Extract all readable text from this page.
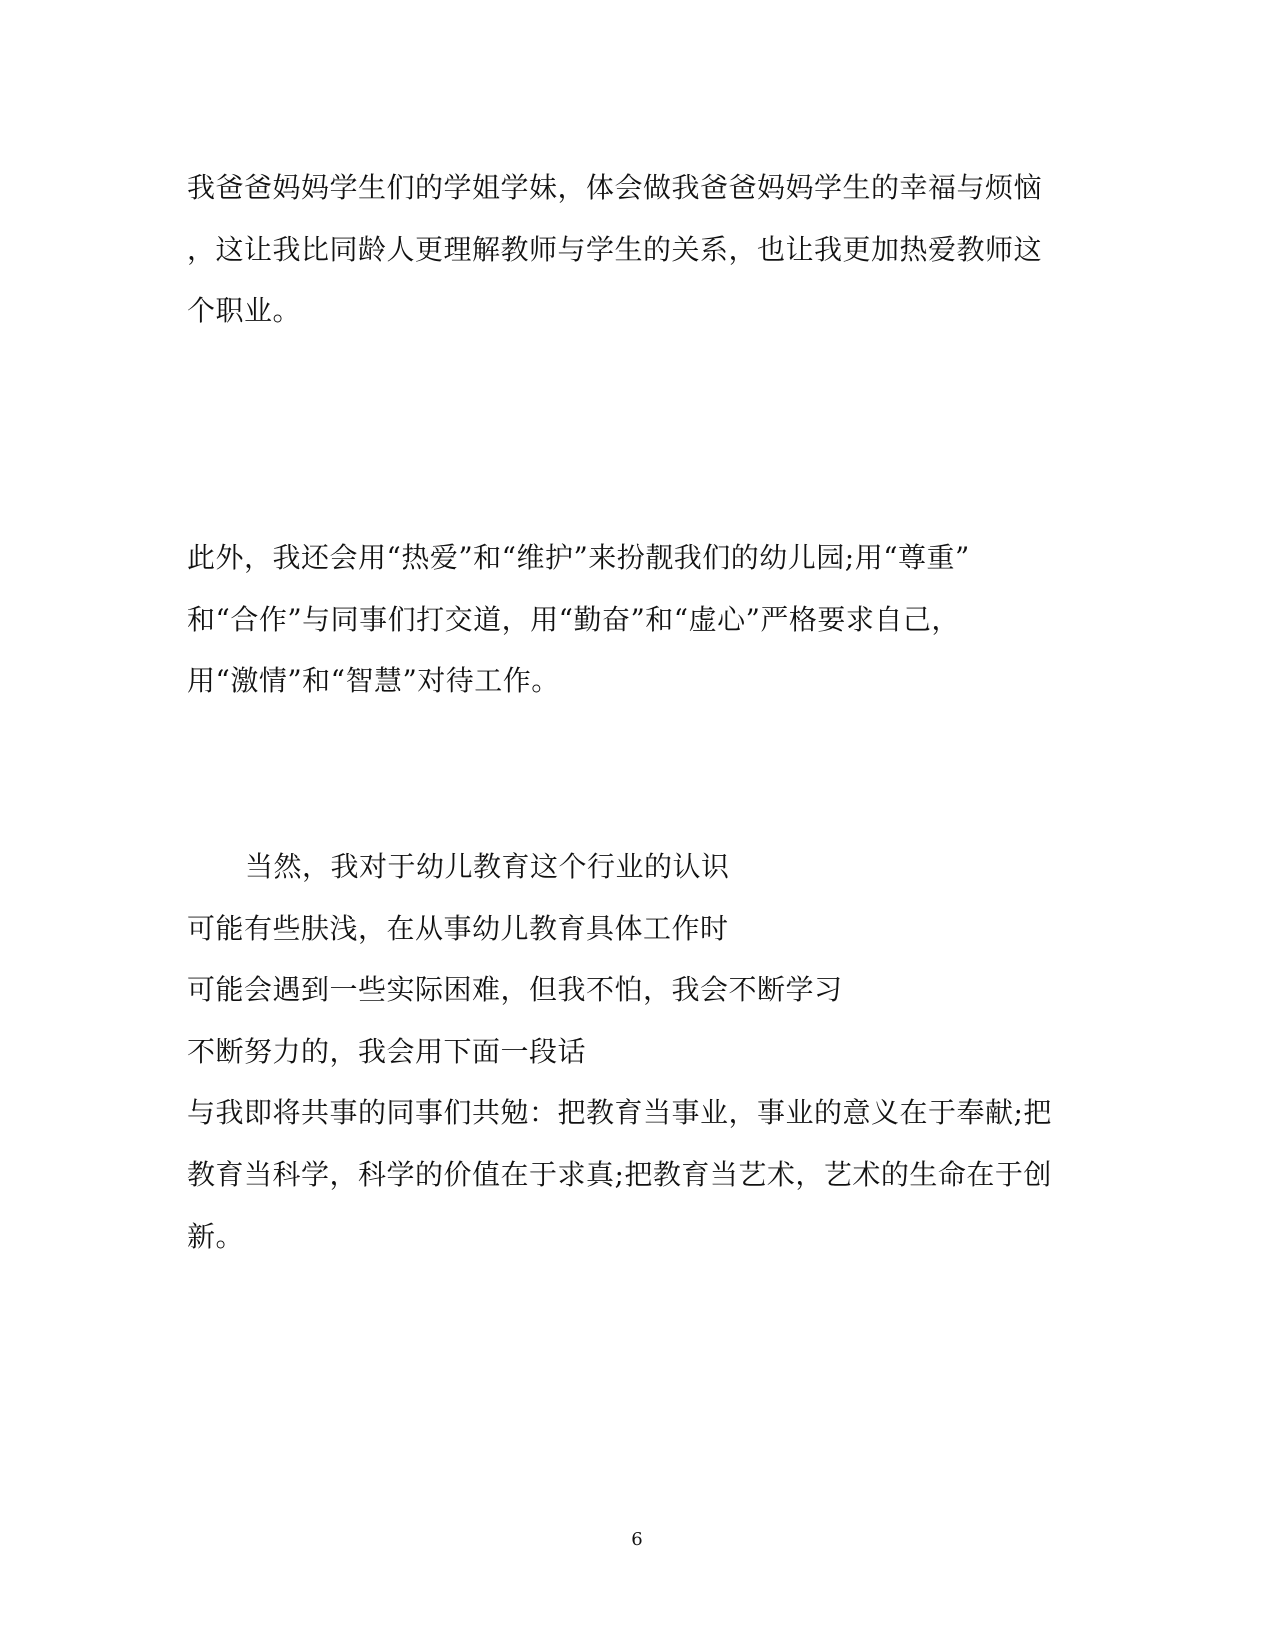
我爸爸妈妈学生们的学姐学妹，体会做我爸爸妈妈学生的幸福与烦恼
，这让我比同龄人更理解教师与学生的关系，也让我更加热爱教师这
个职业。
此外，我还会用“热爱”和“维护”来扮靓我们的幼儿园;用“尊重”
和“合作”与同事们打交道，用“勤奋”和“虚心”严格要求自己，
用“激情”和“智慧”对待工作。
当然，我对于幼儿教育这个行业的认识
可能有些肤浅，在从事幼儿教育具体工作时
可能会遇到一些实际困难，但我不怕，我会不断学习
不断努力的，我会用下面一段话
与我即将共事的同事们共勉：把教育当事业，事业的意义在于奉献;把
教育当科学，科学的价值在于求真;把教育当艺术，艺术的生命在于创
新。
6
